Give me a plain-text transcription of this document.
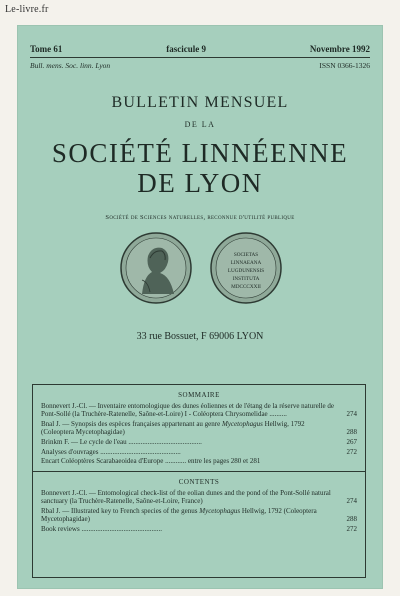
Le-livre.fr
Tome 61	fascicule 9	Novembre 1992
Bull. mens. Soc. linn. Lyon	ISSN 0366-1326
BULLETIN MENSUEL
DE LA
SOCIÉTÉ LINNÉENNE
DE LYON
Société de Sciences naturelles, reconnue d'utilité publique
SOCIETAS
LINNAEANA
LUGDUNENSIS
INSTITUTA
MDCCCXXII
33 rue Bossuet, F 69006 LYON
SOMMAIRE
Bonnevert J.-Cl. — Inventaire entomologique des dunes éoliennes et de l'étang de la réserve naturelle de Pont-Sollé (la Truchère-Ratenelle, Saône-et-Loire) I - Coléoptera Chrysomelidae ..........	274
Bnal J. — Synopsis des espèces françaises appartenant au genre Mycetophagus Hellwig, 1792 (Coleoptera Mycetophagidae)	288
Brinkm F. — Le cycle de l'eau ..........................................	267
Analyses d'ouvrages ..............................................	272
Encart Coléoptères Scarabaeoidea d'Europe ............ entre les pages 280 et 281
CONTENTS
Bonnevert J.-Cl. — Entomological check-list of the eolian dunes and the pond of the Pont-Sollé natural sanctuary (la Truchère-Ratenelle, Saône-et-Loire, France)	274
Rbal J. — Illustrated key to French species of the genus Mycetophagus Hellwig, 1792 (Coleoptera Mycetophagidae)	288
Book reviews ..............................................	272
